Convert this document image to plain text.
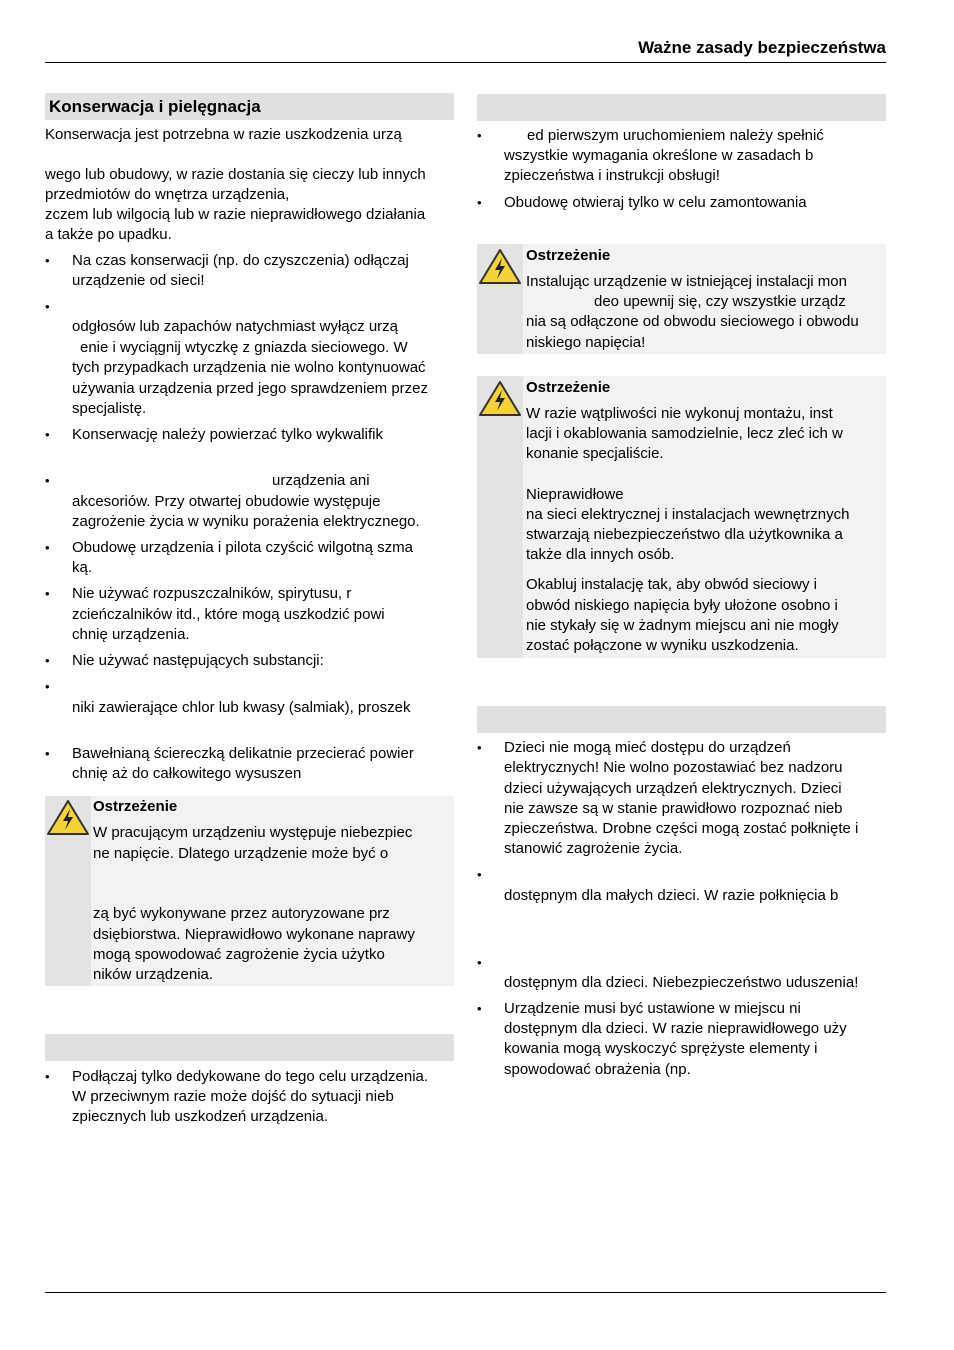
Ważne zasady bezpieczeństwa
Konserwacja i pielęgnacja
Konserwacja jest potrzebna w razie uszkodzenia urzą
wego lub obudowy, w razie dostania się cieczy lub innych
przedmiotów do wnętrza urządzenia,
zczem lub wilgocią lub w razie nieprawidłowego działania
a także po upadku.
• Na czas konserwacji (np. do czyszczenia) odłączaj
urządzenie od sieci!
•
odgłosów lub zapachów natychmiast wyłącz urzą
enie i wyciągnij wtyczkę z gniazda sieciowego. W
tych przypadkach urządzenia nie wolno kontynuować
używania urządzenia przed jego sprawdzeniem przez
specjalistę.
• Konserwację należy powierzać tylko wykwalifik
•	urządzenia ani
akcesoriów. Przy otwartej obudowie występuje
zagrożenie życia w wyniku porażenia elektrycznego.
• Obudowę urządzenia i pilota czyścić wilgotną szma
ką.
• Nie używać rozpuszczalników, spirytusu, r
zcieńczalników itd., które mogą uszkodzić powi
chnię urządzenia.
• Nie używać następujących substancji:
•
niki zawierające chlor lub kwasy (salmiak), proszek
• Bawełnianą ściereczką delikatnie przecierać powier
chnię aż do całkowitego wysuszen
Ostrzeżenie
W pracującym urządzeniu występuje niebezpiec
ne napięcie. Dlatego urządzenie może być o
zą być wykonywane przez autoryzowane prz
dsiębiorstwa. Nieprawidłowo wykonane naprawy
mogą spowodować zagrożenie życia użytko
ników urządzenia.
• Podłączaj tylko dedykowane do tego celu urządzenia.
W przeciwnym razie może dojść do sytuacji nieb
zpiecznych lub uszkodzeń urządzenia.
•	ed pierwszym uruchomieniem należy spełnić
wszystkie wymagania określone w zasadach b
zpieczeństwa i instrukcji obsługi!
• Obudowę otwieraj tylko w celu zamontowania
Ostrzeżenie
Instalując urządzenie w istniejącej instalacji mon
deo upewnij się, czy wszystkie urządz
nia są odłączone od obwodu sieciowego i obwodu
niskiego napięcia!
Ostrzeżenie
W razie wątpliwości nie wykonuj montażu, inst
lacji i okablowania samodzielnie, lecz zleć ich w
konanie specjaliście.
Nieprawidłowe
na sieci elektrycznej i instalacjach wewnętrznych
stwarzają niebezpieczeństwo dla użytkownika a
także dla innych osób.
Okabluj instalację tak, aby obwód sieciowy i
obwód niskiego napięcia były ułożone osobno i
nie stykały się w żadnym miejscu ani nie mogły
zostać połączone w wyniku uszkodzenia.
• Dzieci nie mogą mieć dostępu do urządzeń
elektrycznych! Nie wolno pozostawiać bez nadzoru
dzieci używających urządzeń elektrycznych. Dzieci
nie zawsze są w stanie prawidłowo rozpoznać nieb
zpieczeństwa. Drobne części mogą zostać połknięte i
stanowić zagrożenie życia.
•
dostępnym dla małych dzieci. W razie połknięcia b
•
dostępnym dla dzieci. Niebezpieczeństwo uduszenia!
• Urządzenie musi być ustawione w miejscu ni
dostępnym dla dzieci. W razie nieprawidłowego uży
kowania mogą wyskoczyć sprężyste elementy i
spowodować obrażenia (np.
